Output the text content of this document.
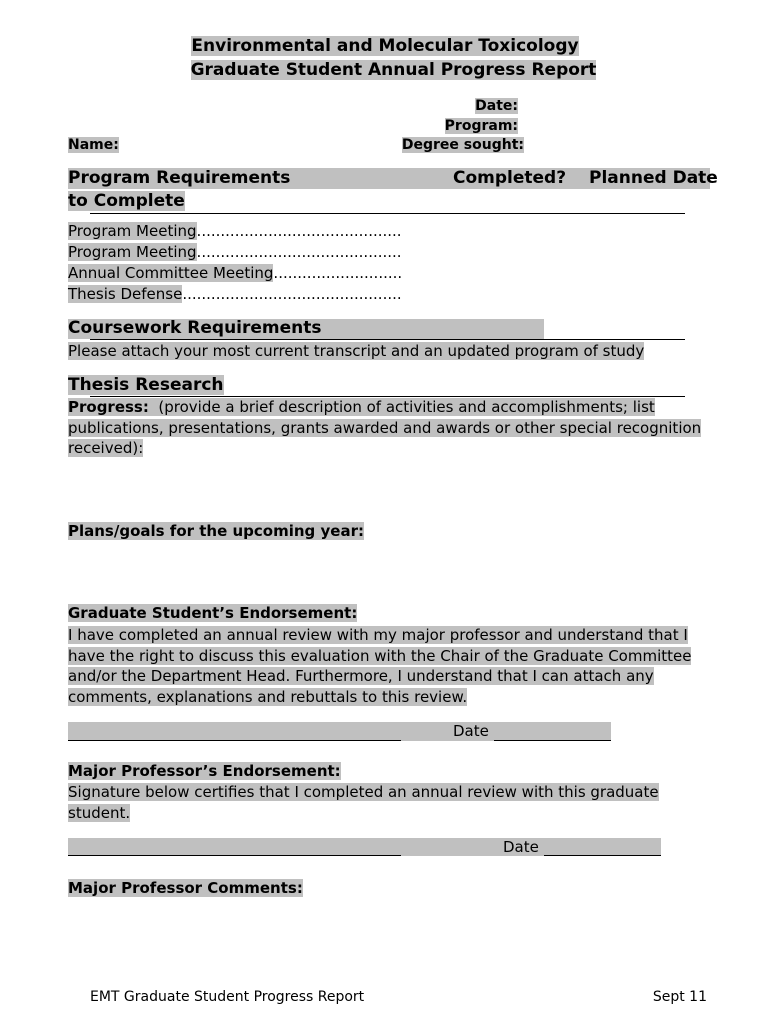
Environmental and Molecular Toxicology
Graduate Student Annual Progress Report
Date:
Program:
Name:	Degree sought:
Program Requirements	Completed? Planned Date
to Complete
Program Meeting...........................................
Program Meeting...........................................
Annual Committee Meeting...........................
Thesis Defense..............................................
Coursework Requirements
Please attach your most current transcript and an updated program of study
Thesis Research
Progress: (provide a brief description of activities and accomplishments; list publications, presentations, grants awarded and awards or other special recognition received):
Plans/goals for the upcoming year:
Graduate Student’s Endorsement:
I have completed an annual review with my major professor and understand that I have the right to discuss this evaluation with the Chair of the Graduate Committee and/or the Department Head. Furthermore, I understand that I can attach any comments, explanations and rebuttals to this review.
Date
Major Professor’s Endorsement:
Signature below certifies that I completed an annual review with this graduate student.
Date
Major Professor Comments:
EMT Graduate Student Progress Report	Sept 11
